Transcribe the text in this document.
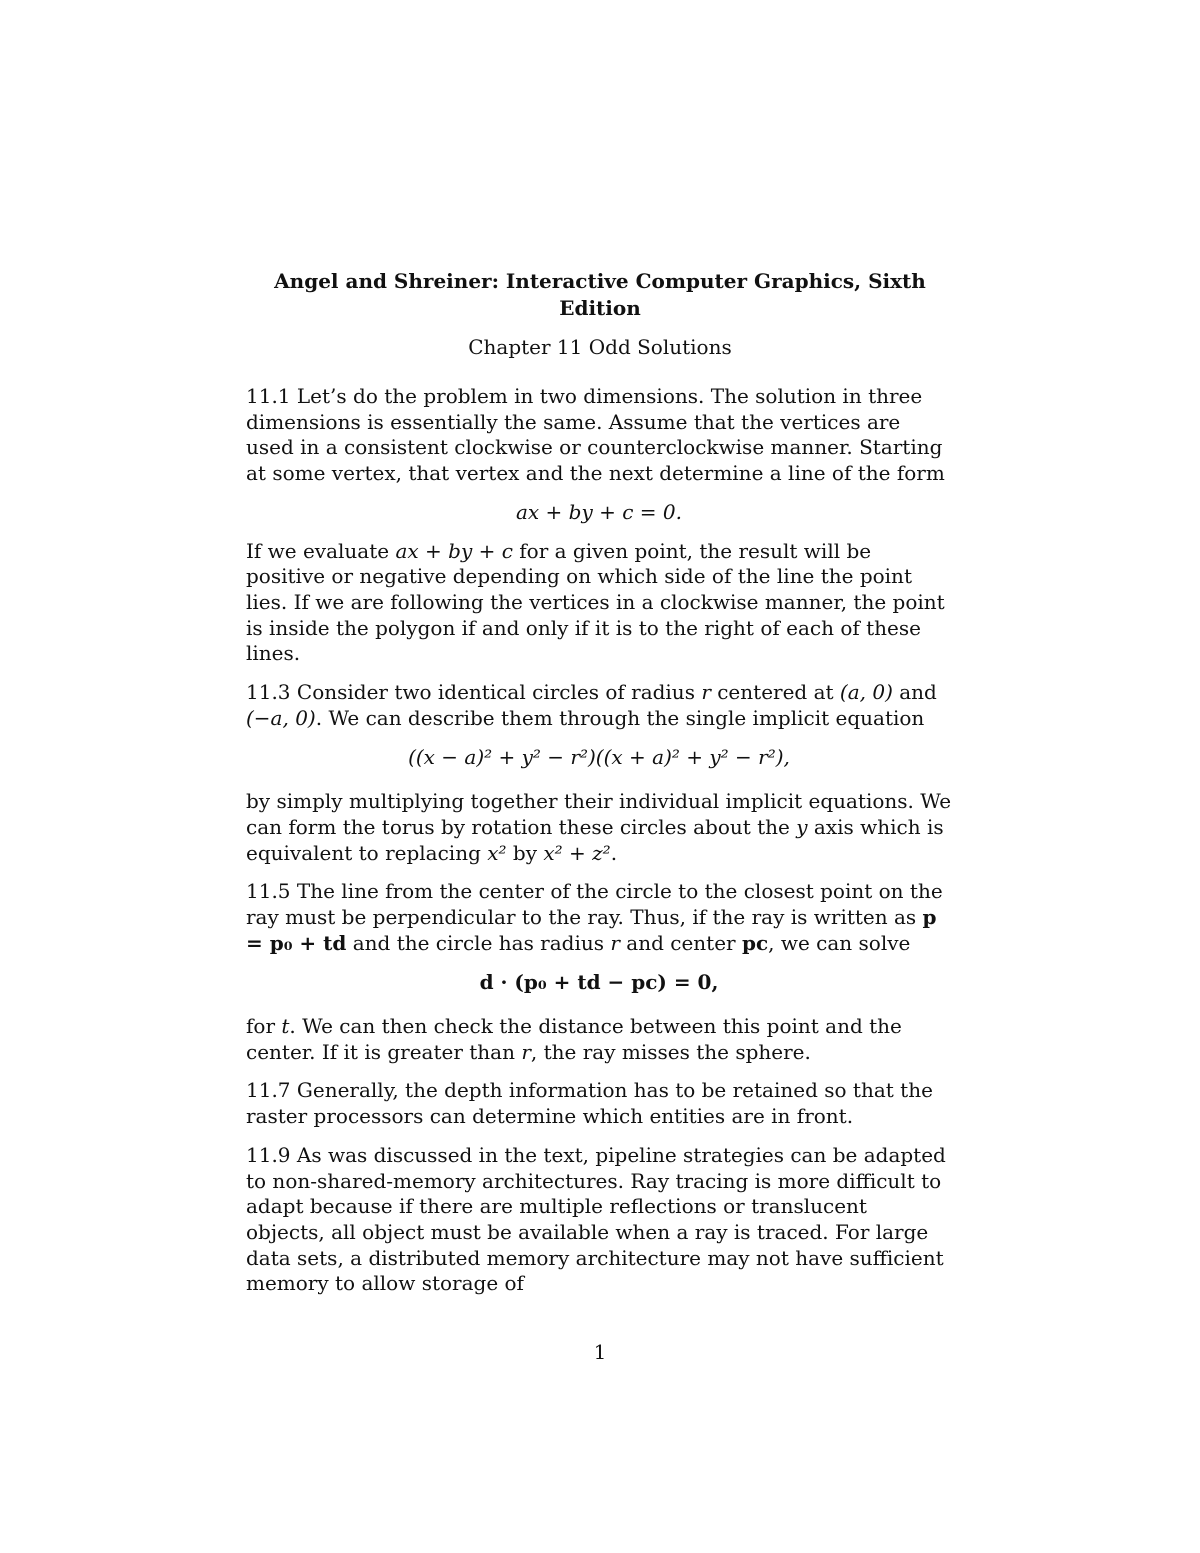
Angel and Shreiner: Interactive Computer Graphics, Sixth Edition
Chapter 11 Odd Solutions

11.1 Let’s do the problem in two dimensions. The solution in three dimensions is essentially the same. Assume that the vertices are used in a consistent clockwise or counterclockwise manner. Starting at some vertex, that vertex and the next determine a line of the form

ax + by + c = 0.

If we evaluate ax + by + c for a given point, the result will be positive or negative depending on which side of the line the point lies. If we are following the vertices in a clockwise manner, the point is inside the polygon if and only if it is to the right of each of these lines.

11.3 Consider two identical circles of radius r centered at (a, 0) and (−a, 0). We can describe them through the single implicit equation

((x − a)² + y² − r²)((x + a)² + y² − r²),

by simply multiplying together their individual implicit equations. We can form the torus by rotation these circles about the y axis which is equivalent to replacing x² by x² + z².

11.5 The line from the center of the circle to the closest point on the ray must be perpendicular to the ray. Thus, if the ray is written as p = p₀ + td and the circle has radius r and center pc, we can solve

d · (p₀ + td − pc) = 0,

for t. We can then check the distance between this point and the center. If it is greater than r, the ray misses the sphere.

11.7 Generally, the depth information has to be retained so that the raster processors can determine which entities are in front.

11.9 As was discussed in the text, pipeline strategies can be adapted to non-shared-memory architectures. Ray tracing is more difficult to adapt because if there are multiple reflections or translucent objects, all object must be available when a ray is traced. For large data sets, a distributed memory architecture may not have sufficient memory to allow storage of

1
